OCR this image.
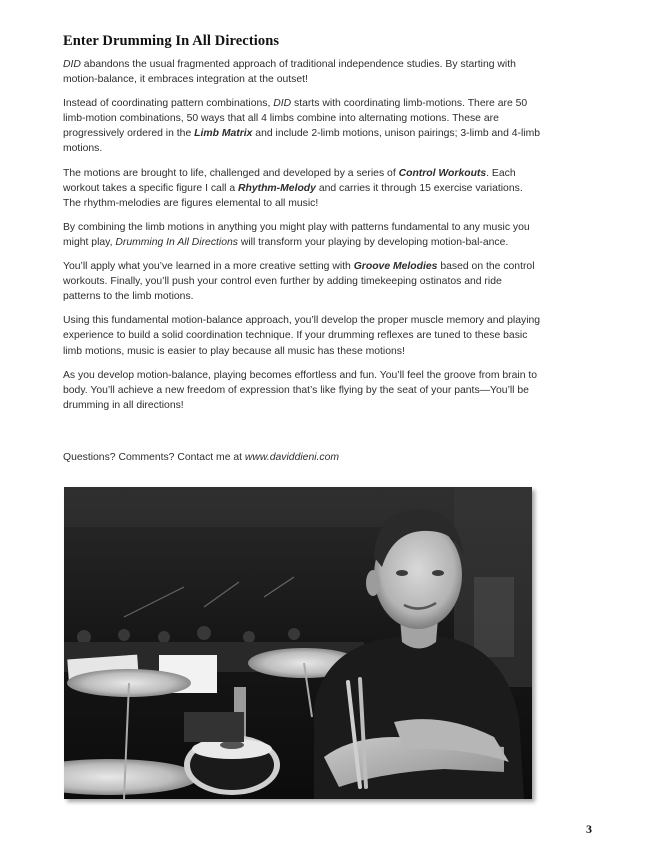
Enter Drumming In All Directions

DID abandons the usual fragmented approach of traditional independence studies. By starting with motion-balance, it embraces integration at the outset!

Instead of coordinating pattern combinations, DID starts with coordinating limb-motions. There are 50 limb-motion combinations, 50 ways that all 4 limbs combine into alternating motions. These are progressively ordered in the Limb Matrix and include 2-limb motions, unison pairings; 3-limb and 4-limb motions.

The motions are brought to life, challenged and developed by a series of Control Workouts. Each workout takes a specific figure I call a Rhythm-Melody and carries it through 15 exercise variations. The rhythm-melodies are figures elemental to all music!

By combining the limb motions in anything you might play with patterns fundamental to any music you might play, Drumming In All Directions will transform your playing by developing motion-bal-ance.

You’ll apply what you’ve learned in a more creative setting with Groove Melodies based on the control workouts. Finally, you’ll push your control even further by adding timekeeping ostinatos and ride patterns to the limb motions.

Using this fundamental motion-balance approach, you’ll develop the proper muscle memory and playing experience to build a solid coordination technique. If your drumming reflexes are tuned to these basic limb motions, music is easier to play because all music has these motions!

As you develop motion-balance, playing becomes effortless and fun. You’ll feel the groove from brain to body. You’ll achieve a new freedom of expression that’s like flying by the seat of your pants—You’ll be drumming in all directions!

Questions? Comments? Contact me at www.daviddieni.com
3
